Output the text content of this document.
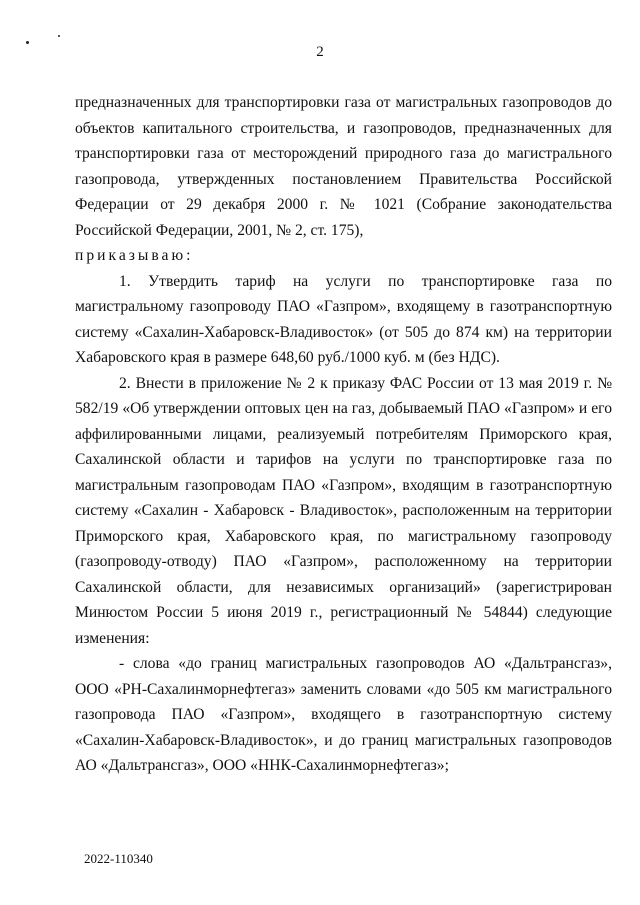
2

предназначенных для транспортировки газа от магистральных газопроводов до объектов капитального строительства, и газопроводов, предназначенных для транспортировки газа от месторождений природного газа до магистрального газопровода, утвержденных постановлением Правительства Российской Федерации от 29 декабря 2000 г. № 1021 (Собрание законодательства Российской Федерации, 2001, № 2, ст. 175),

приказываю:

1. Утвердить тариф на услуги по транспортировке газа по магистральному газопроводу ПАО «Газпром», входящему в газотранспортную систему «Сахалин-Хабаровск-Владивосток» (от 505 до 874 км) на территории Хабаровского края в размере 648,60 руб./1000 куб. м (без НДС).

2. Внести в приложение № 2 к приказу ФАС России от 13 мая 2019 г. № 582/19 «Об утверждении оптовых цен на газ, добываемый ПАО «Газпром» и его аффилированными лицами, реализуемый потребителям Приморского края, Сахалинской области и тарифов на услуги по транспортировке газа по магистральным газопроводам ПАО «Газпром», входящим в газотранспортную систему «Сахалин - Хабаровск - Владивосток», расположенным на территории Приморского края, Хабаровского края, по магистральному газопроводу (газопроводу-отводу) ПАО «Газпром», расположенному на территории Сахалинской области, для независимых организаций» (зарегистрирован Минюстом России 5 июня 2019 г., регистрационный № 54844) следующие изменения:

- слова «до границ магистральных газопроводов АО «Дальтрансгаз», ООО «РН-Сахалинморнефтегаз» заменить словами «до 505 км магистрального газопровода ПАО «Газпром», входящего в газотранспортную систему «Сахалин-Хабаровск-Владивосток», и до границ магистральных газопроводов АО «Дальтрансгаз», ООО «ННК-Сахалинморнефтегаз»;

2022-110340
